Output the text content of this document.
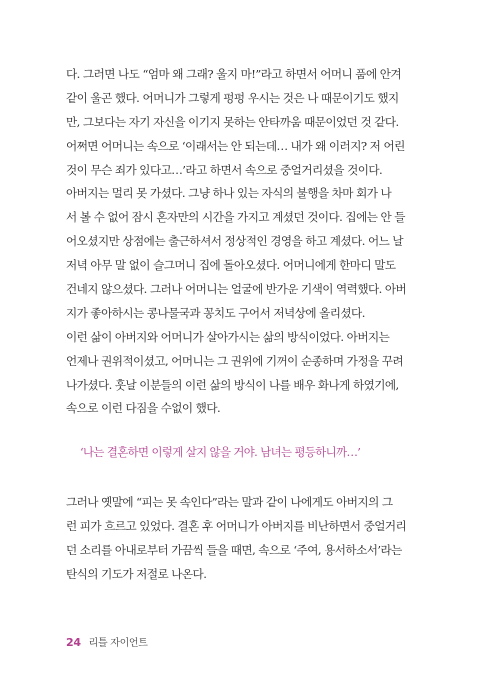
다. 그러면 나도 “엄마 왜 그래? 울지 마!”라고 하면서 어머니 품에 안겨
같이 울곤 했다. 어머니가 그렇게 펑펑 우시는 것은 나 때문이기도 했지
만, 그보다는 자기 자신을 이기지 못하는 안타까움 때문이었던 것 같다.
어쩌면 어머니는 속으로 ‘이래서는 안 되는데… 내가 왜 이러지? 저 어린
것이 무슨 죄가 있다고…’라고 하면서 속으로 중얼거리셨을 것이다.
아버지는 멀리 못 가셨다. 그냥 하나 있는 자식의 불행을 차마 회가 나
서 볼 수 없어 잠시 혼자만의 시간을 가지고 계셨던 것이다. 집에는 안 들
어오셨지만 상점에는 출근하셔서 정상적인 경영을 하고 계셨다. 어느 날
저녁 아무 말 없이 슬그머니 집에 돌아오셨다. 어머니에게 한마디 말도
건네지 않으셨다. 그러나 어머니는 얼굴에 반가운 기색이 역력했다. 아버
지가 좋아하시는 콩나물국과 꽁치도 구어서 저녁상에 올리셨다.
이런 삶이 아버지와 어머니가 살아가시는 삶의 방식이었다. 아버지는
언제나 권위적이셨고, 어머니는 그 권위에 기꺼이 순종하며 가정을 꾸려
나가셨다. 훗날 이분들의 이런 삶의 방식이 나를 배우 화나게 하였기에,
속으로 이런 다짐을 수없이 했다.
‘나는 결혼하면 이렇게 살지 않을 거야. 남녀는 평등하니까…’
그러나 옛말에 “피는 못 속인다”라는 말과 같이 나에게도 아버지의 그
런 피가 흐르고 있었다. 결혼 후 어머니가 아버지를 비난하면서 중얼거리
던 소리를 아내로부터 가끔씩 들을 때면, 속으로 ‘주여, 용서하소서’라는
탄식의 기도가 저절로 나온다.
24 리틀 자이언트
